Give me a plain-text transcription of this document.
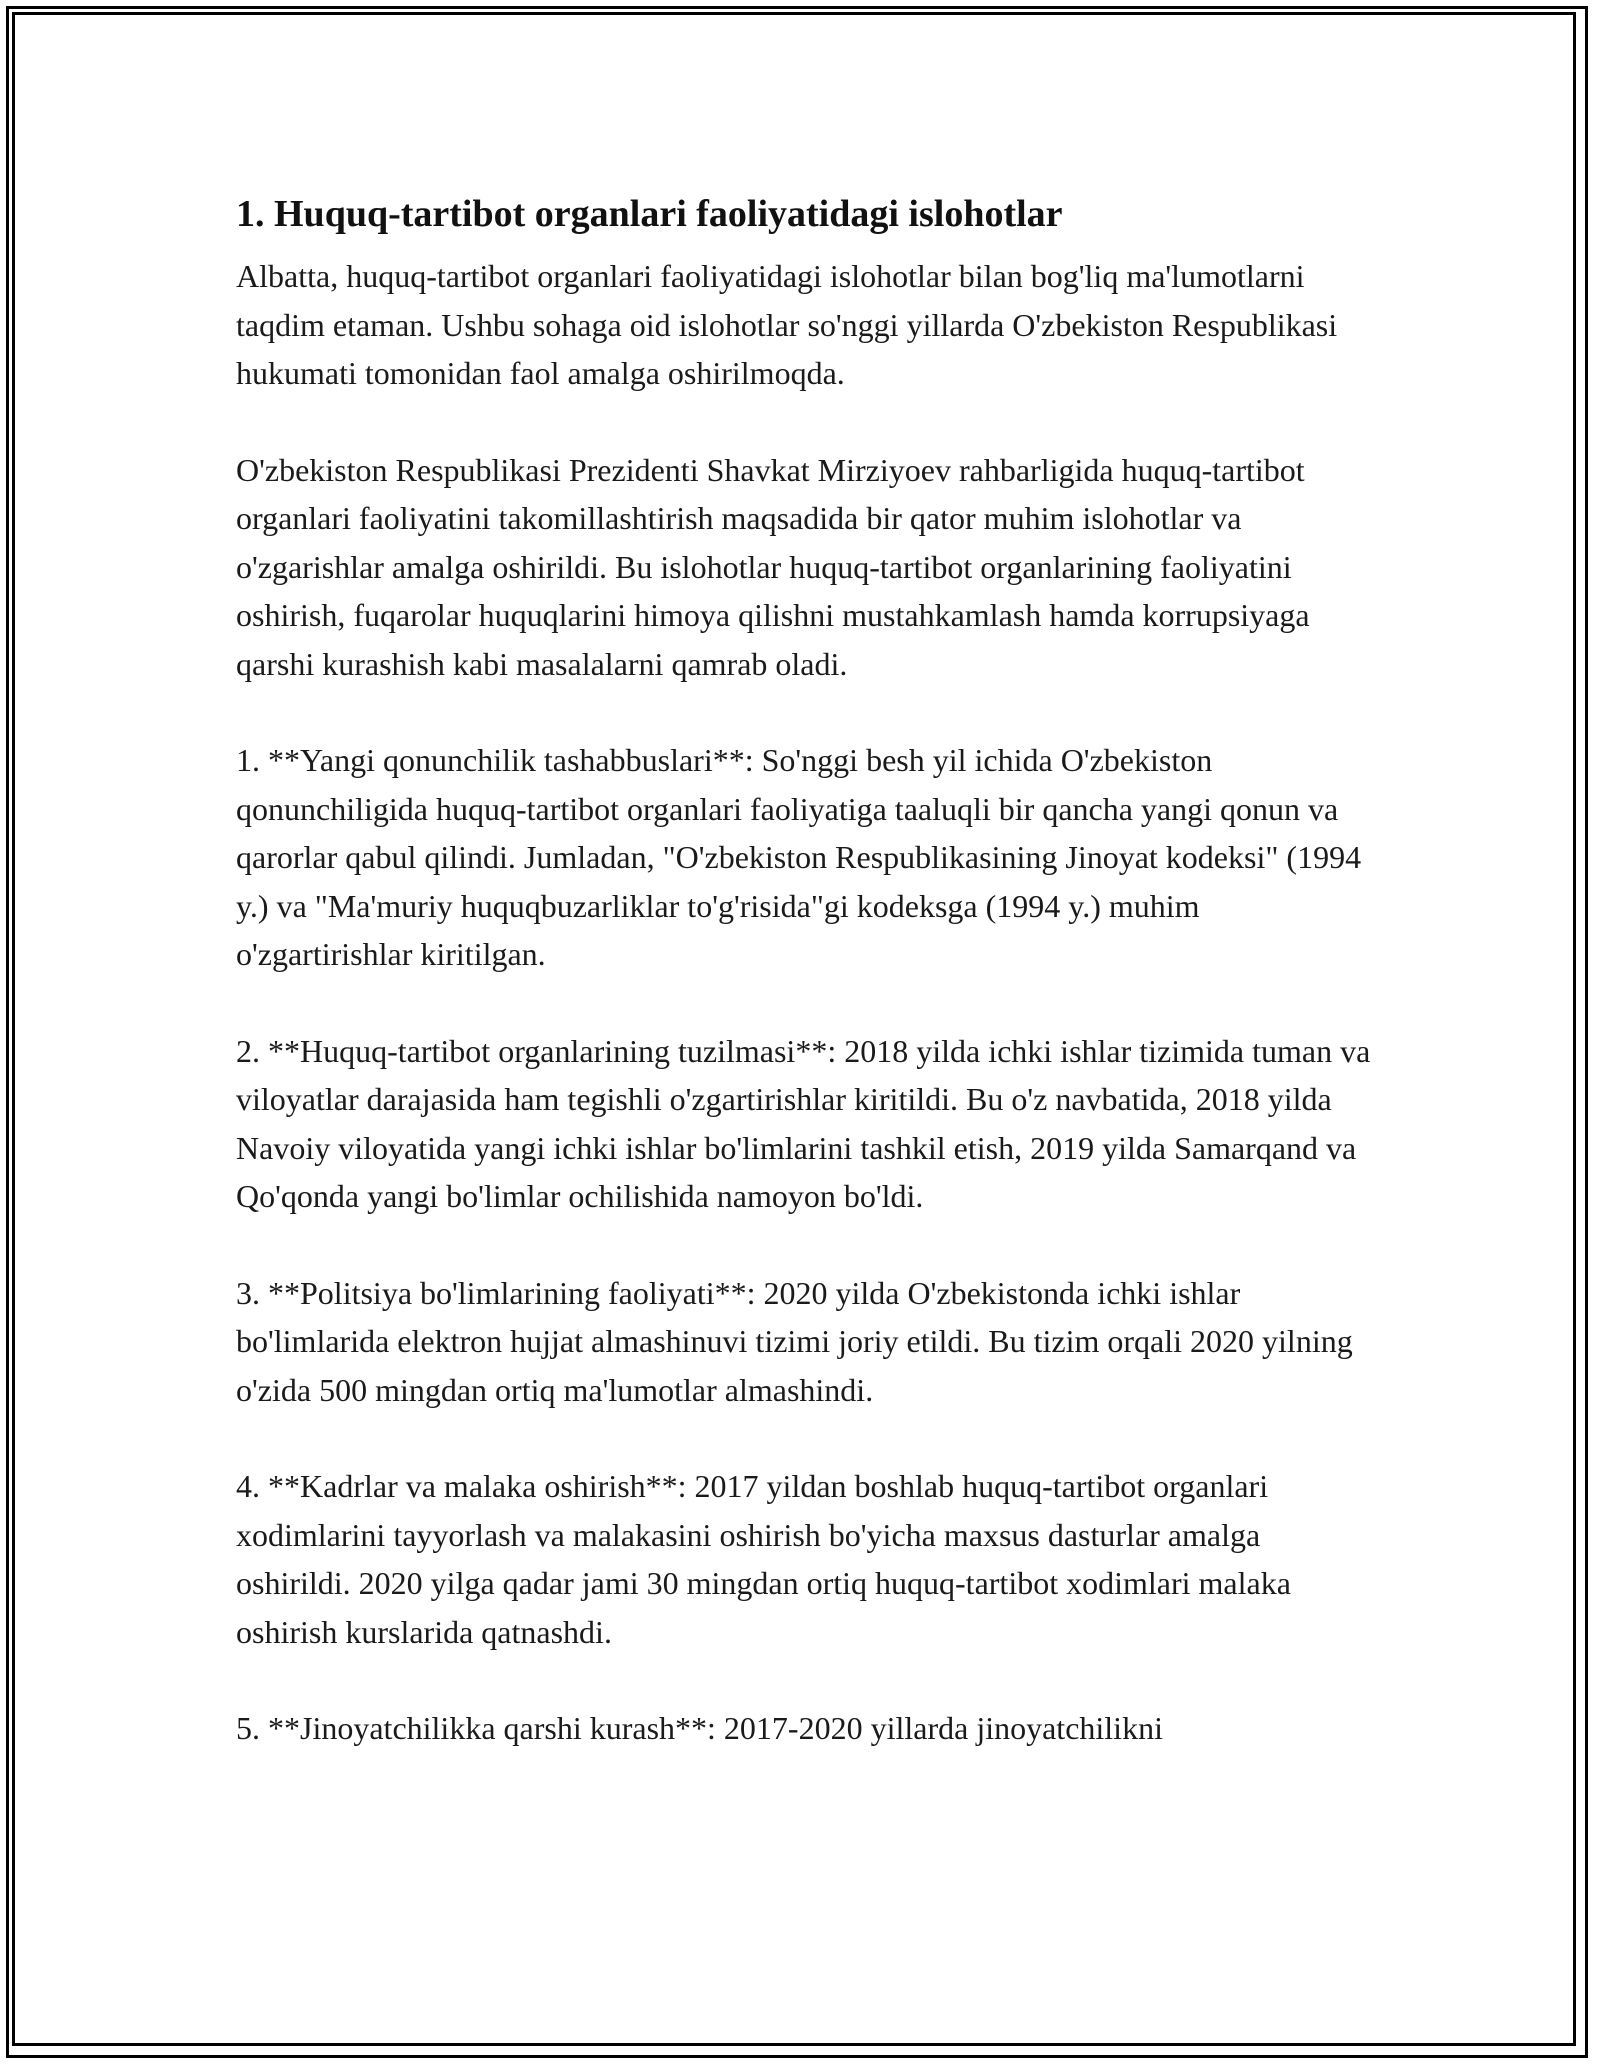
1. Huquq-tartibot organlari faoliyatidagi islohotlar

Albatta, huquq-tartibot organlari faoliyatidagi islohotlar bilan bog'liq ma'lumotlarni taqdim etaman. Ushbu sohaga oid islohotlar so'nggi yillarda O'zbekiston Respublikasi hukumati tomonidan faol amalga oshirilmoqda.

O'zbekiston Respublikasi Prezidenti Shavkat Mirziyoev rahbarligida huquq-tartibot organlari faoliyatini takomillashtirish maqsadida bir qator muhim islohotlar va o'zgarishlar amalga oshirildi. Bu islohotlar huquq-tartibot organlarining faoliyatini oshirish, fuqarolar huquqlarini himoya qilishni mustahkamlash hamda korrupsiyaga qarshi kurashish kabi masalalarni qamrab oladi.

1. **Yangi qonunchilik tashabbuslari**: So'nggi besh yil ichida O'zbekiston qonunchiligida huquq-tartibot organlari faoliyatiga taaluqli bir qancha yangi qonun va qarorlar qabul qilindi. Jumladan, "O'zbekiston Respublikasining Jinoyat kodeksi" (1994 y.) va "Ma'muriy huquqbuzarliklar to'g'risida"gi kodeksga (1994 y.) muhim o'zgartirishlar kiritilgan.

2. **Huquq-tartibot organlarining tuzilmasi**: 2018 yilda ichki ishlar tizimida tuman va viloyatlar darajasida ham tegishli o'zgartirishlar kiritildi. Bu o'z navbatida, 2018 yilda Navoiy viloyatida yangi ichki ishlar bo'limlarini tashkil etish, 2019 yilda Samarqand va Qo'qonda yangi bo'limlar ochilishida namoyon bo'ldi.

3. **Politsiya bo'limlarining faoliyati**: 2020 yilda O'zbekistonda ichki ishlar bo'limlarida elektron hujjat almashinuvi tizimi joriy etildi. Bu tizim orqali 2020 yilning o'zida 500 mingdan ortiq ma'lumotlar almashindi.

4. **Kadrlar va malaka oshirish**: 2017 yildan boshlab huquq-tartibot organlari xodimlarini tayyorlash va malakasini oshirish bo'yicha maxsus dasturlar amalga oshirildi. 2020 yilga qadar jami 30 mingdan ortiq huquq-tartibot xodimlari malaka oshirish kurslarida qatnashdi.

5. **Jinoyatchilikka qarshi kurash**: 2017-2020 yillarda jinoyatchilikni
